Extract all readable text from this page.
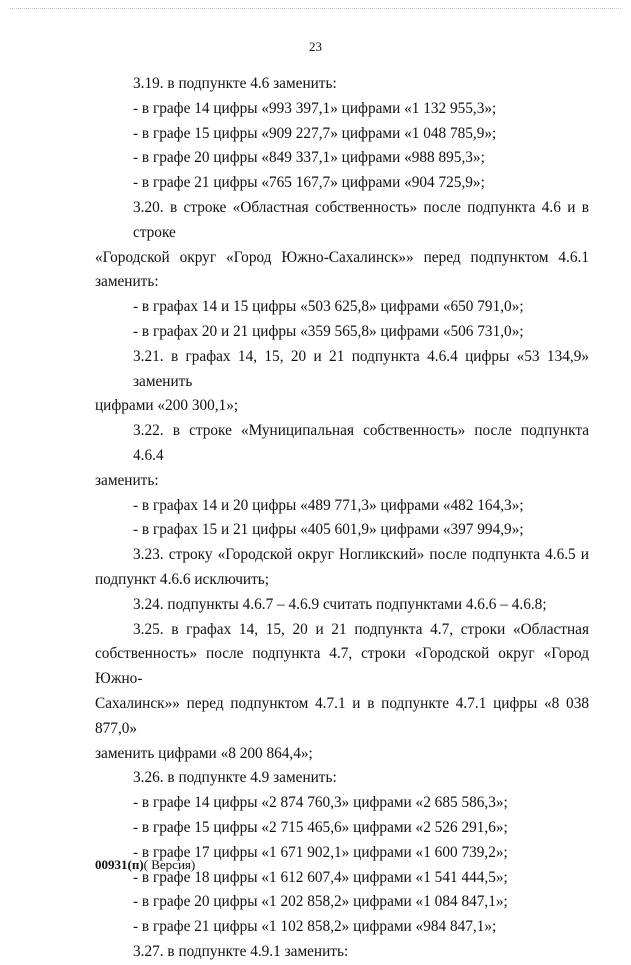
23

3.19. в подпункте 4.6 заменить:

- в графе 14 цифры «993 397,1» цифрами «1 132 955,3»;

- в графе 15 цифры «909 227,7» цифрами «1 048 785,9»;

- в графе 20 цифры «849 337,1» цифрами «988 895,3»;

- в графе 21 цифры «765 167,7» цифрами «904 725,9»;

3.20. в строке «Областная собственность» после подпункта 4.6 и в строке

«Городской округ «Город Южно-Сахалинск»» перед подпунктом 4.6.1

заменить:

- в графах 14 и 15 цифры «503 625,8» цифрами «650 791,0»;

- в графах 20 и 21 цифры «359 565,8» цифрами «506 731,0»;

3.21. в графах 14, 15, 20 и 21 подпункта 4.6.4 цифры «53 134,9» заменить

цифрами «200 300,1»;

3.22. в строке «Муниципальная собственность» после подпункта 4.6.4

заменить:

- в графах 14 и 20 цифры «489 771,3» цифрами «482 164,3»;

- в графах 15 и 21 цифры «405 601,9» цифрами «397 994,9»;

3.23. строку «Городской округ Ногликский» после подпункта 4.6.5 и

подпункт 4.6.6 исключить;

3.24. подпункты 4.6.7 – 4.6.9 считать подпунктами 4.6.6 – 4.6.8;

3.25. в графах 14, 15, 20 и 21 подпункта 4.7, строки «Областная

собственность» после подпункта 4.7, строки «Городской округ «Город Южно-

Сахалинск»» перед подпунктом 4.7.1 и в подпункте 4.7.1 цифры «8 038 877,0»

заменить цифрами «8 200 864,4»;

3.26. в подпункте 4.9 заменить:

- в графе 14 цифры «2 874 760,3» цифрами «2 685 586,3»;

- в графе 15 цифры «2 715 465,6» цифрами «2 526 291,6»;

- в графе 17 цифры «1 671 902,1» цифрами «1 600 739,2»;

- в графе 18 цифры «1 612 607,4» цифрами «1 541 444,5»;

- в графе 20 цифры «1 202 858,2» цифрами «1 084 847,1»;

- в графе 21 цифры «1 102 858,2» цифрами «984 847,1»;

3.27. в подпункте 4.9.1 заменить:

00931(п)( Версия)
